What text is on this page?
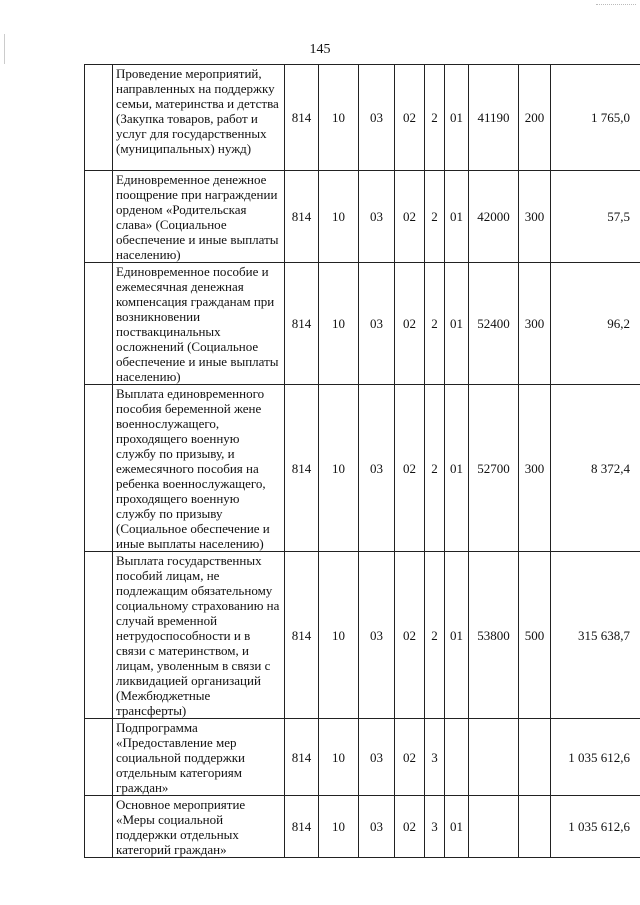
145
	Проведение мероприятий, направленных на поддержку семьи, материнства и детства (Закупка товаров, работ и услуг для государственных (муниципальных) нужд)	814	10	03	02	2	01	41190	200	1 765,0
	Единовременное денежное поощрение при награждении орденом «Родительская слава» (Социальное обеспечение и иные выплаты населению)	814	10	03	02	2	01	42000	300	57,5
	Единовременное пособие и ежемесячная денежная компенсация гражданам при возникновении поствакцинальных осложнений (Социальное обеспечение и иные выплаты населению)	814	10	03	02	2	01	52400	300	96,2
	Выплата единовременного пособия беременной жене военнослужащего, проходящего военную службу по призыву, и ежемесячного пособия на ребенка военнослужащего, проходящего военную службу по призыву (Социальное обеспечение и иные выплаты населению)	814	10	03	02	2	01	52700	300	8 372,4
	Выплата государственных пособий лицам, не подлежащим обязательному социальному страхованию на случай временной нетрудоспособности и в связи с материнством, и лицам, уволенным в связи с ликвидацией организаций (Межбюджетные трансферты)	814	10	03	02	2	01	53800	500	315 638,7
	Подпрограмма «Предоставление мер социальной поддержки отдельным категориям граждан»	814	10	03	02	3				1 035 612,6
	Основное мероприятие «Меры социальной поддержки отдельных категорий граждан»	814	10	03	02	3	01			1 035 612,6
